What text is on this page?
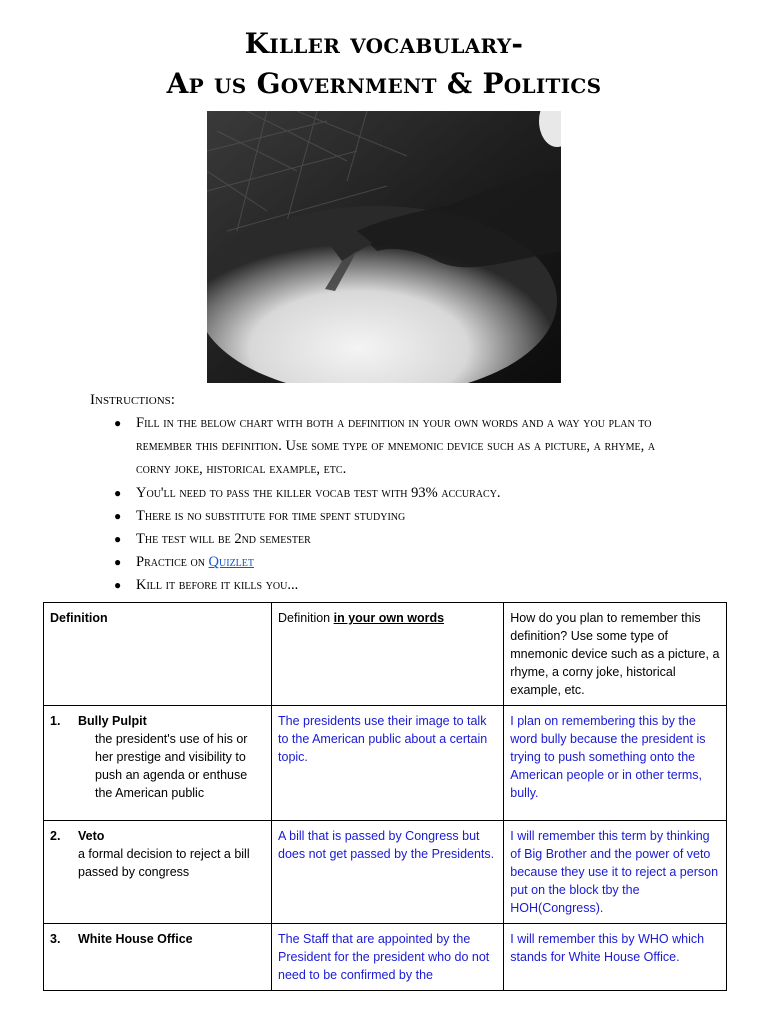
Killer vocabulary-
Ap us Government & Politics
Instructions:
● Fill in the below chart with both a definition in your own words and a way you plan to remember this definition. Use some type of mnemonic device such as a picture, a rhyme, a corny joke, historical example, etc.
● You'll need to pass the killer vocab test with 93% accuracy.
● There is no substitute for time spent studying
● The test will be 2nd semester
● Practice on Quizlet
● Kill it before it kills you...
Definition	Definition in your own words	How do you plan to remember this definition? Use some type of mnemonic device such as a picture, a rhyme, a corny joke, historical example, etc.

1. Bully Pulpit
the president's use of his or her prestige and visibility to push an agenda or enthuse the American public	The presidents use their image to talk to the American public about a certain topic.	I plan on remembering this by the word bully because the president is trying to push something onto the American people or in other terms, bully.

2. Veto
a formal decision to reject a bill passed by congress	A bill that is passed by Congress but does not get passed by the Presidents.	I will remember this term by thinking of Big Brother and the power of veto because they use it to reject a person put on the block tby the HOH(Congress).

3. White House Office	The Staff that are appointed by the President for the president who do not need to be confirmed by the	I will remember this by WHO which stands for White House Office.
